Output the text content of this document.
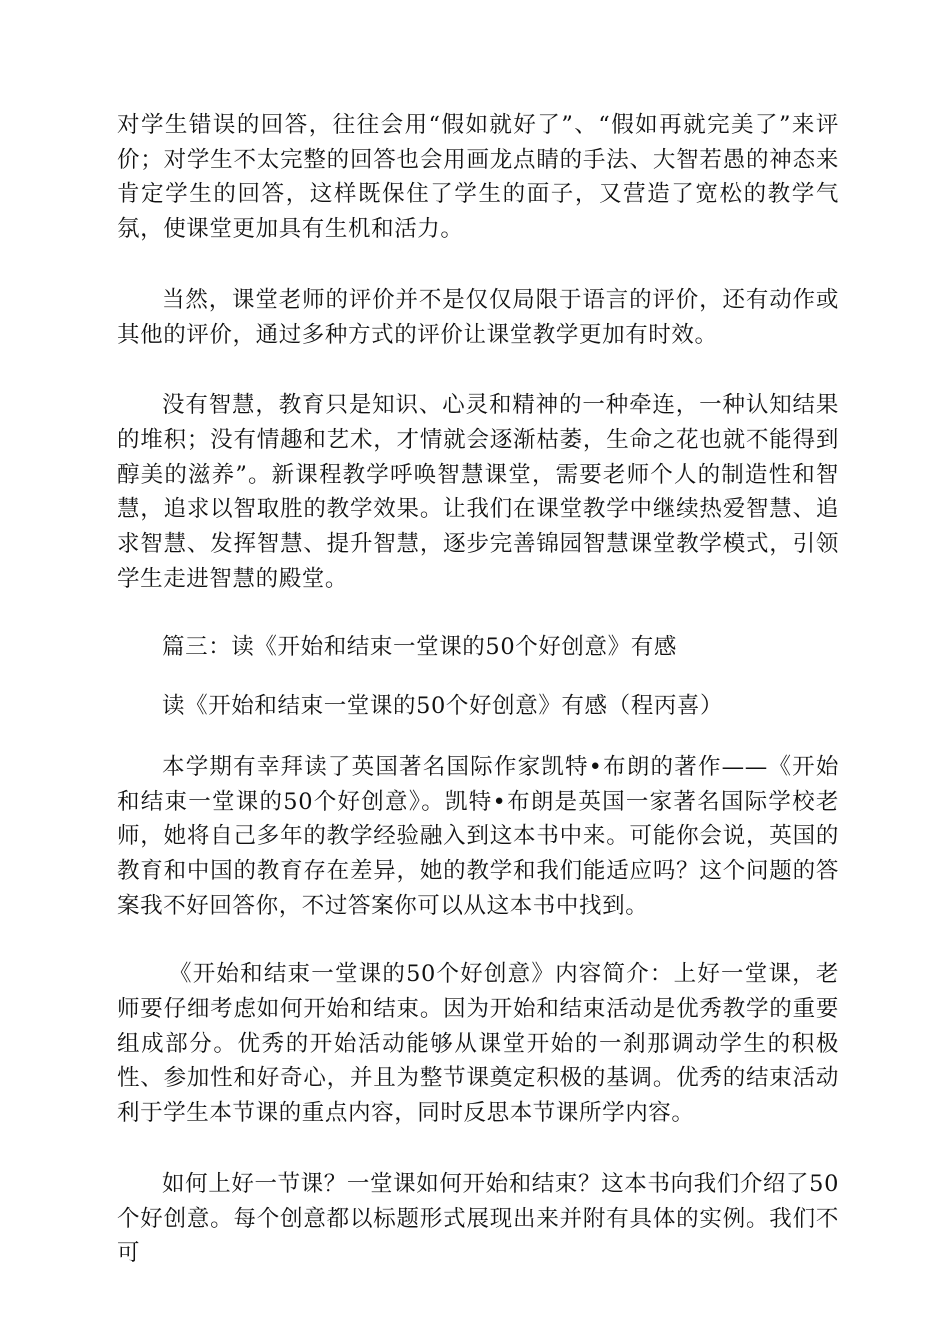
对学生错误的回答，往往会用“假如就好了”、“假如再就完美了”来评价；对学生不太完整的回答也会用画龙点睛的手法、大智若愚的神态来肯定学生的回答，这样既保住了学生的面子，又营造了宽松的教学气氛，使课堂更加具有生机和活力。

当然，课堂老师的评价并不是仅仅局限于语言的评价，还有动作或其他的评价，通过多种方式的评价让课堂教学更加有时效。

没有智慧，教育只是知识、心灵和精神的一种牵连，一种认知结果的堆积；没有情趣和艺术，才情就会逐渐枯萎，生命之花也就不能得到醇美的滋养”。新课程教学呼唤智慧课堂，需要老师个人的制造性和智慧，追求以智取胜的教学效果。让我们在课堂教学中继续热爱智慧、追求智慧、发挥智慧、提升智慧，逐步完善锦园智慧课堂教学模式，引领学生走进智慧的殿堂。

篇三：读《开始和结束一堂课的50个好创意》有感

读《开始和结束一堂课的50个好创意》有感（程丙喜）

本学期有幸拜读了英国著名国际作家凯特•布朗的著作——《开始和结束一堂课的50个好创意》。凯特•布朗是英国一家著名国际学校老师，她将自己多年的教学经验融入到这本书中来。可能你会说，英国的教育和中国的教育存在差异，她的教学和我们能适应吗？这个问题的答案我不好回答你，不过答案你可以从这本书中找到。

《开始和结束一堂课的50个好创意》内容简介：上好一堂课，老师要仔细考虑如何开始和结束。因为开始和结束活动是优秀教学的重要组成部分。优秀的开始活动能够从课堂开始的一刹那调动学生的积极性、参加性和好奇心，并且为整节课奠定积极的基调。优秀的结束活动利于学生本节课的重点内容，同时反思本节课所学内容。

如何上好一节课？一堂课如何开始和结束？这本书向我们介绍了50个好创意。每个创意都以标题形式展现出来并附有具体的实例。我们不可
